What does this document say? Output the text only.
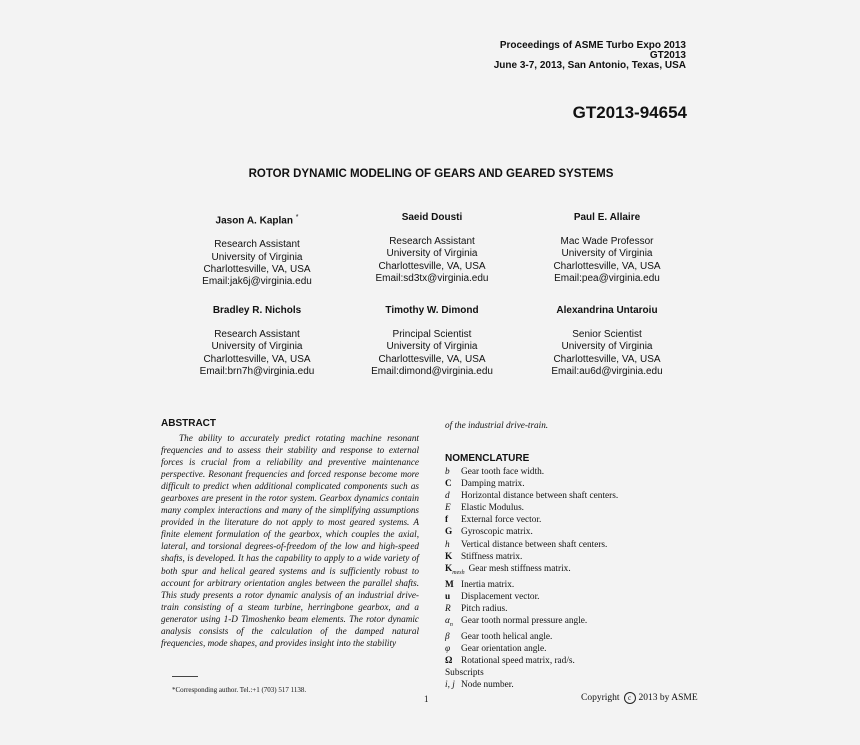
Proceedings of ASME Turbo Expo 2013
GT2013
June 3-7, 2013, San Antonio, Texas, USA
GT2013-94654
ROTOR DYNAMIC MODELING OF GEARS AND GEARED SYSTEMS
Jason A. Kaplan *
Research Assistant
University of Virginia
Charlottesville, VA, USA
Email:jak6j@virginia.edu
Saeid Dousti
Research Assistant
University of Virginia
Charlottesville, VA, USA
Email:sd3tx@virginia.edu
Paul E. Allaire
Mac Wade Professor
University of Virginia
Charlottesville, VA, USA
Email:pea@virginia.edu
Bradley R. Nichols
Research Assistant
University of Virginia
Charlottesville, VA, USA
Email:brn7h@virginia.edu
Timothy W. Dimond
Principal Scientist
University of Virginia
Charlottesville, VA, USA
Email:dimond@virginia.edu
Alexandrina Untaroiu
Senior Scientist
University of Virginia
Charlottesville, VA, USA
Email:au6d@virginia.edu
ABSTRACT
The ability to accurately predict rotating machine resonant frequencies and to assess their stability and response to external forces is crucial from a reliability and preventive maintenance perspective. Resonant frequencies and forced response become more difficult to predict when additional complicated components such as gearboxes are present in the rotor system. Gearbox dynamics contain many complex interactions and many of the simplifying assumptions provided in the literature do not apply to most geared systems. A finite element formulation of the gearbox, which couples the axial, lateral, and torsional degrees-of-freedom of the low and high-speed shafts, is developed. It has the capability to apply to a wide variety of both spur and helical geared systems and is sufficiently robust to account for arbitrary orientation angles between the parallel shafts. This study presents a rotor dynamic analysis of an industrial drive-train consisting of a steam turbine, herringbone gearbox, and a generator using 1-D Timoshenko beam elements. The rotor dynamic analysis consists of the calculation of the damped natural frequencies, mode shapes, and provides insight into the stability
of the industrial drive-train.
NOMENCLATURE
b Gear tooth face width.
C Damping matrix.
d Horizontal distance between shaft centers.
E Elastic Modulus.
f External force vector.
G Gyroscopic matrix.
h Vertical distance between shaft centers.
K Stiffness matrix.
$K_{mesh}$ Gear mesh stiffness matrix.
M Inertia matrix.
u Displacement vector.
R Pitch radius.
$\alpha_n$ Gear tooth normal pressure angle.
β Gear tooth helical angle.
φ Gear orientation angle.
Ω Rotational speed matrix, rad/s.
Subscripts
i, j Node number.
*Corresponding author. Tel.:+1 (703) 517 1138.
1	Copyright c 2013 by ASME
